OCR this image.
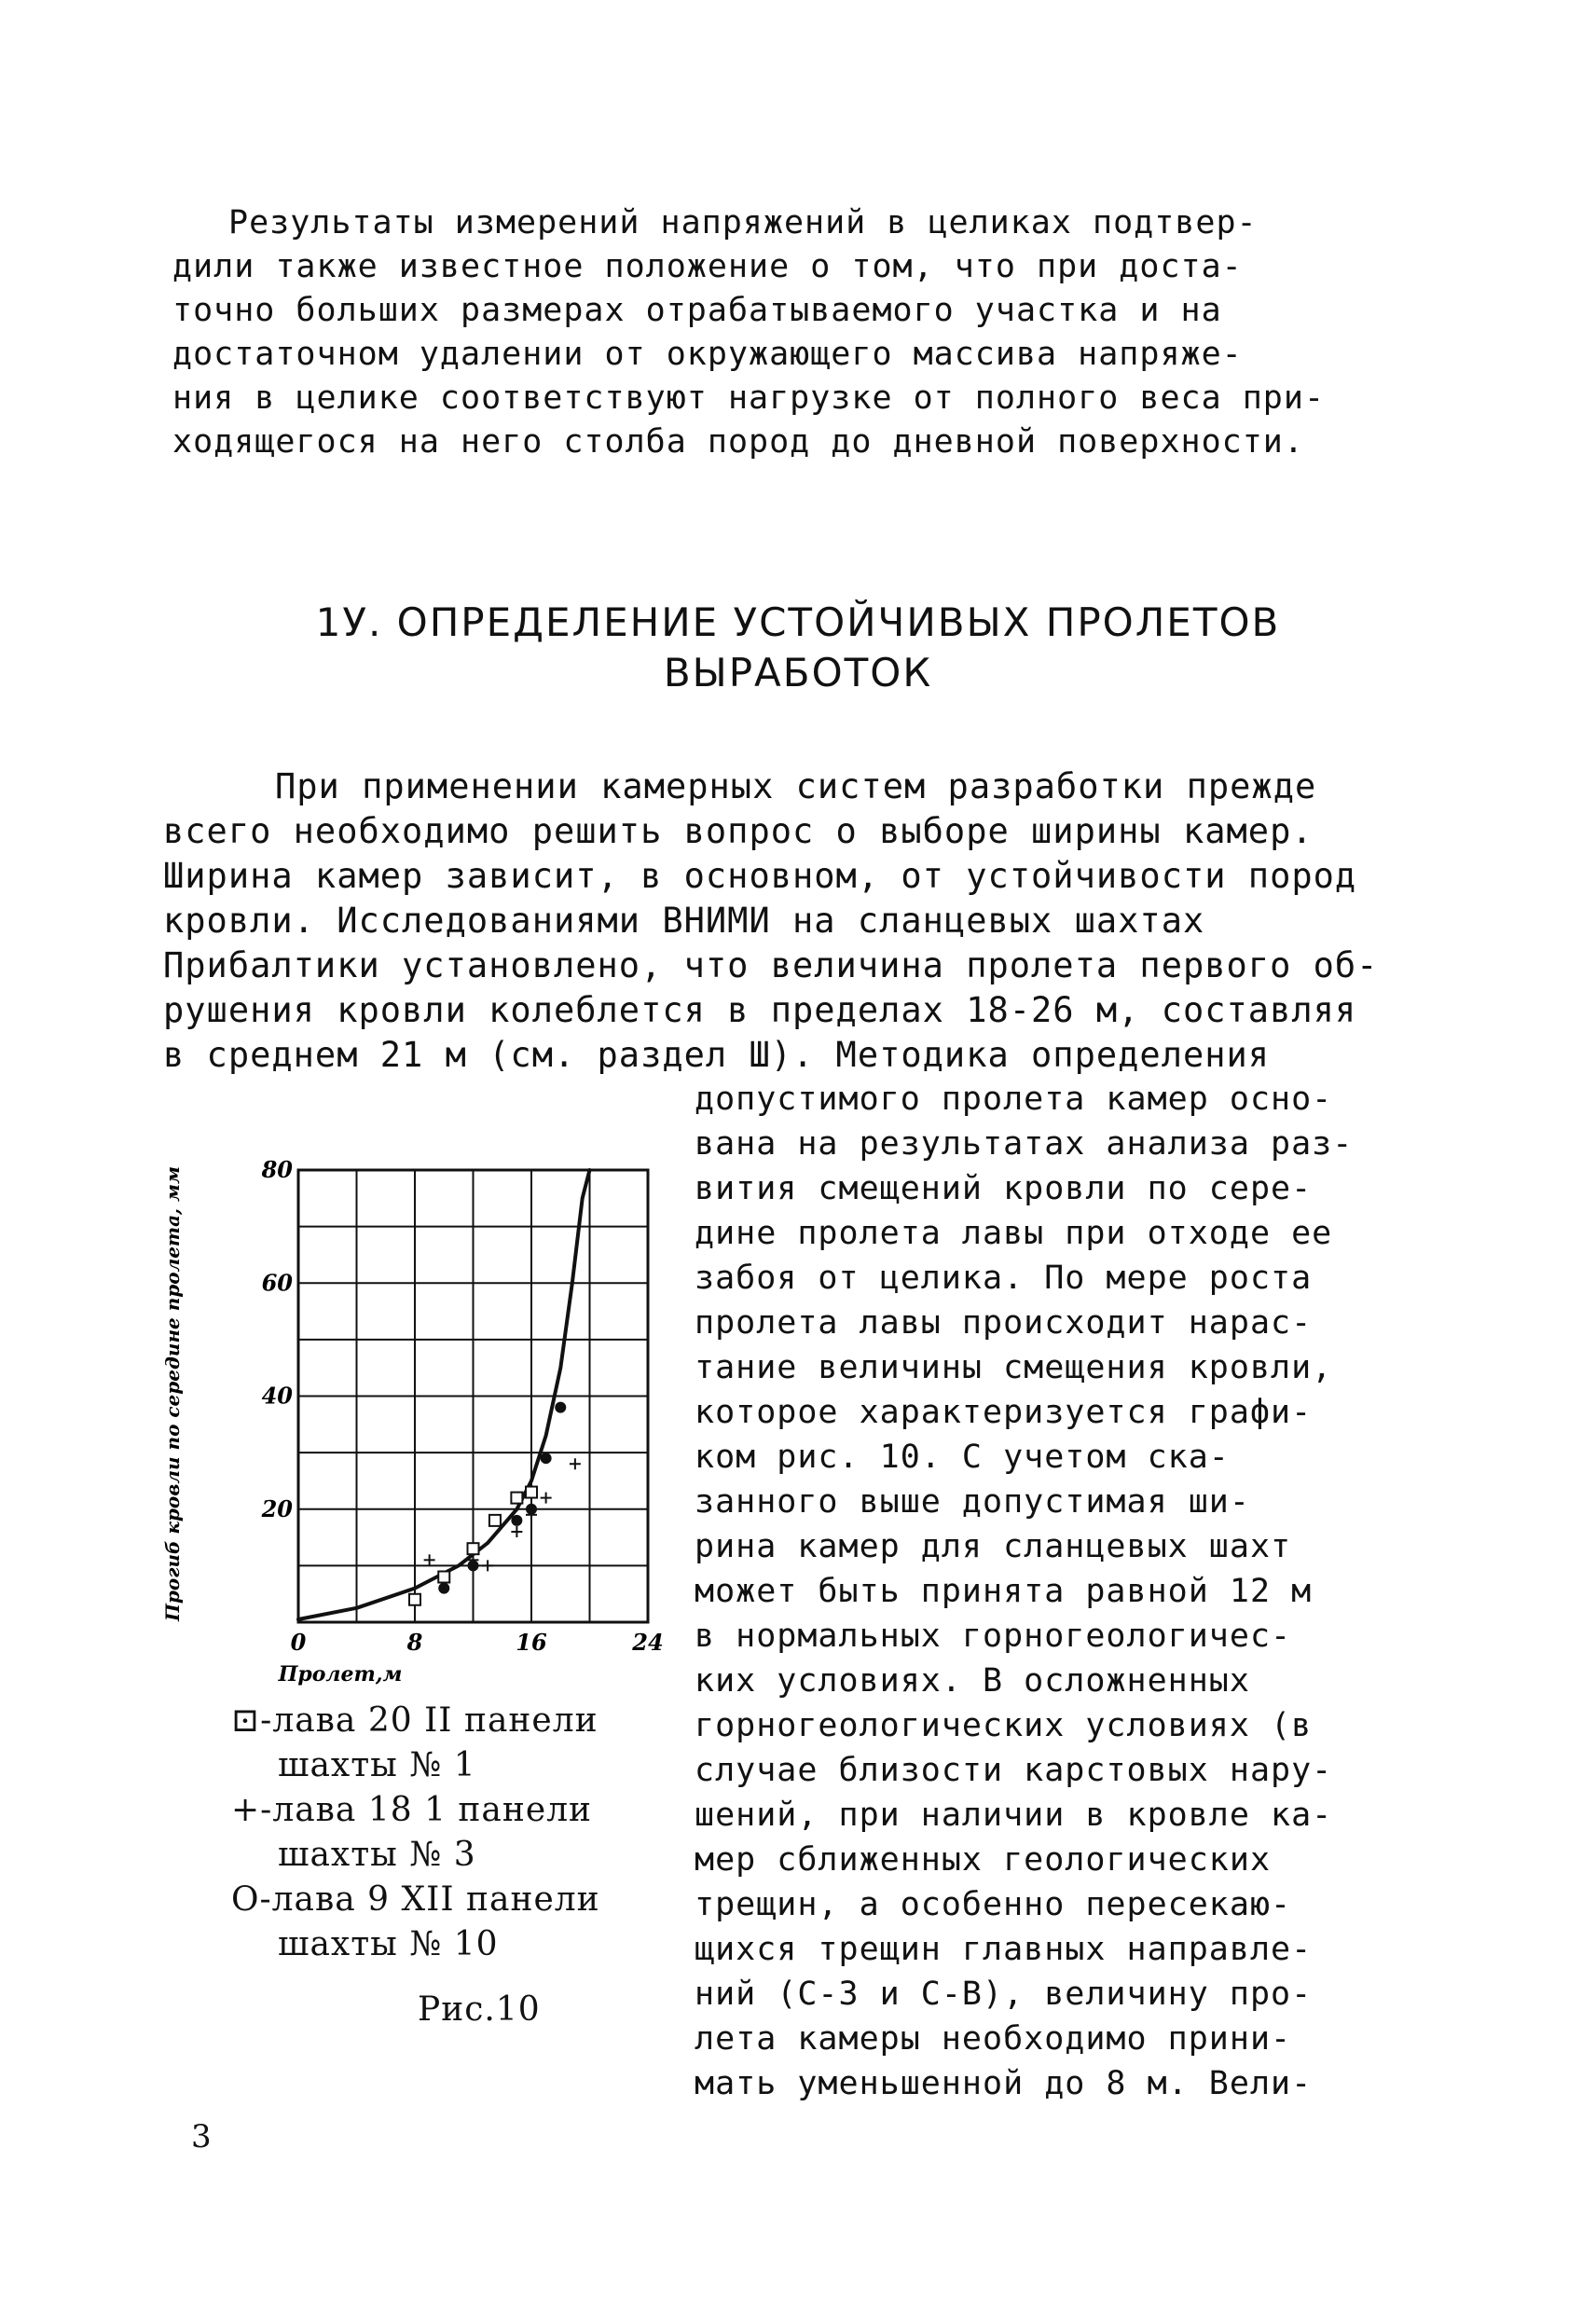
Результаты измерений напряжений в целиках подтвер-
дили также известное положение о том, что при доста-
точно больших размерах отрабатываемого участка и на
достаточном удалении от окружающего массива напряже-
ния в целике соответствуют нагрузке от полного веса при-
ходящегося на него столба пород до дневной поверхности.
1У. ОПРЕДЕЛЕНИЕ УСТОЙЧИВЫХ ПРОЛЕТОВ
ВЫРАБОТОК
При применении камерных систем разработки прежде
всего необходимо решить вопрос о выборе ширины камер.
Ширина камер зависит, в основном, от устойчивости пород
кровли. Исследованиями ВНИМИ на сланцевых шахтах
Прибалтики установлено, что величина пролета первого об-
рушения кровли колеблется в пределах 18-26 м, составляя
в среднем 21 м (см. раздел Ш). Методика определения
допустимого пролета камер осно-
вана на результатах анализа раз-
вития смещений кровли по сере-
дине пролета лавы при отходе ее
забоя от целика. По мере роста
пролета лавы происходит нарас-
тание величины смещения кровли,
которое характеризуется графи-
ком рис. 10. С учетом ска-
занного выше допустимая ши-
рина камер для сланцевых шахт
может быть принята равной 12 м
в нормальных горногеологичес-
ких условиях. В осложненных
горногеологических условиях (в
случае близости карстовых нару-
шений, при наличии в кровле ка-
мер сближенных геологических
трещин, а особенно пересекаю-
щихся трещин главных направле-
ний (С-3 и С-В), величину про-
лета камеры необходимо прини-
мать уменьшенной до 8 м. Вели-
0	8	16	24
20
40
60
80
Пролет,м
Прогиб кровли по середине пролета, мм
⊡-лава 20 II панели
шахты № 1
+-лава 18 1 панели
шахты № 3
О-лава 9 XII панели
шахты № 10
Рис.10
3
